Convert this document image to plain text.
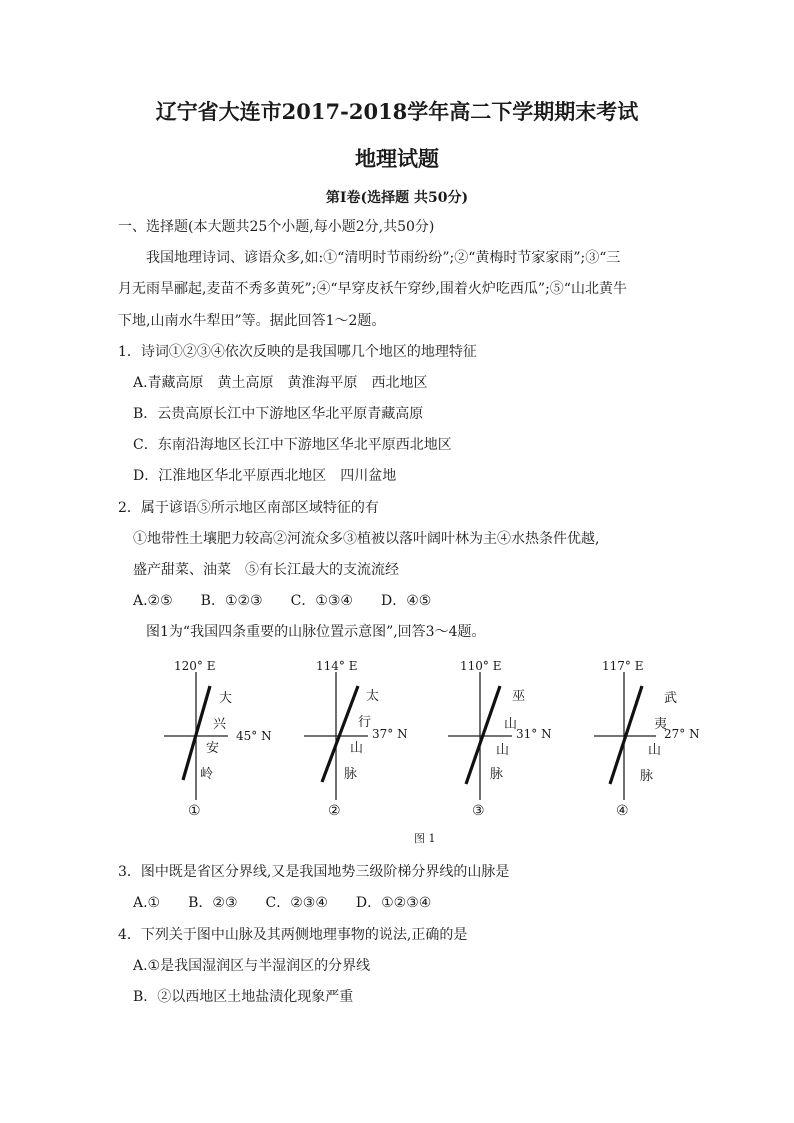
辽宁省大连市2017-2018学年高二下学期期末考试
地理试题
第Ⅰ卷(选择题 共50分)
一、选择题(本大题共25个小题,每小题2分,共50分)
我国地理诗词、谚语众多,如:①“清明时节雨纷纷”;②“黄梅时节家家雨”;③“三
月无雨旱郦起,麦苗不秀多黄死”;④“早穿皮袄午穿纱,围着火炉吃西瓜”;⑤“山北黄牛
下地,山南水牛犁田”等。据此回答1～2题。
1．诗词①②③④依次反映的是我国哪几个地区的地理特征
A.青藏高原　黄土高原　黄淮海平原　西北地区
B．云贵高原长江中下游地区华北平原青藏高原
C．东南沿海地区长江中下游地区华北平原西北地区
D．江淮地区华北平原西北地区　四川盆地
2．属于谚语⑤所示地区南部区域特征的有
①地带性土壤肥力较高②河流众多③植被以落叶阔叶林为主④水热条件优越,
盛产甜菜、油菜　⑤有长江最大的支流流经
A.②⑤　　B．①②③　　C．①③④　　D．④⑤
图1为“我国四条重要的山脉位置示意图”,回答3～4题。
120° E
45° N
大
兴
安
岭
①
114° E
37° N
太
行
山
脉
②
110° E
31° N
巫
山
山
脉
③
117° E
27° N
武
夷
山
脉
④
图 1
3．图中既是省区分界线,又是我国地势三级阶梯分界线的山脉是
A.①　　B．②③　　C．②③④　　D．①②③④
4．下列关于图中山脉及其两侧地理事物的说法,正确的是
A.①是我国湿润区与半湿润区的分界线
B．②以西地区土地盐渍化现象严重
